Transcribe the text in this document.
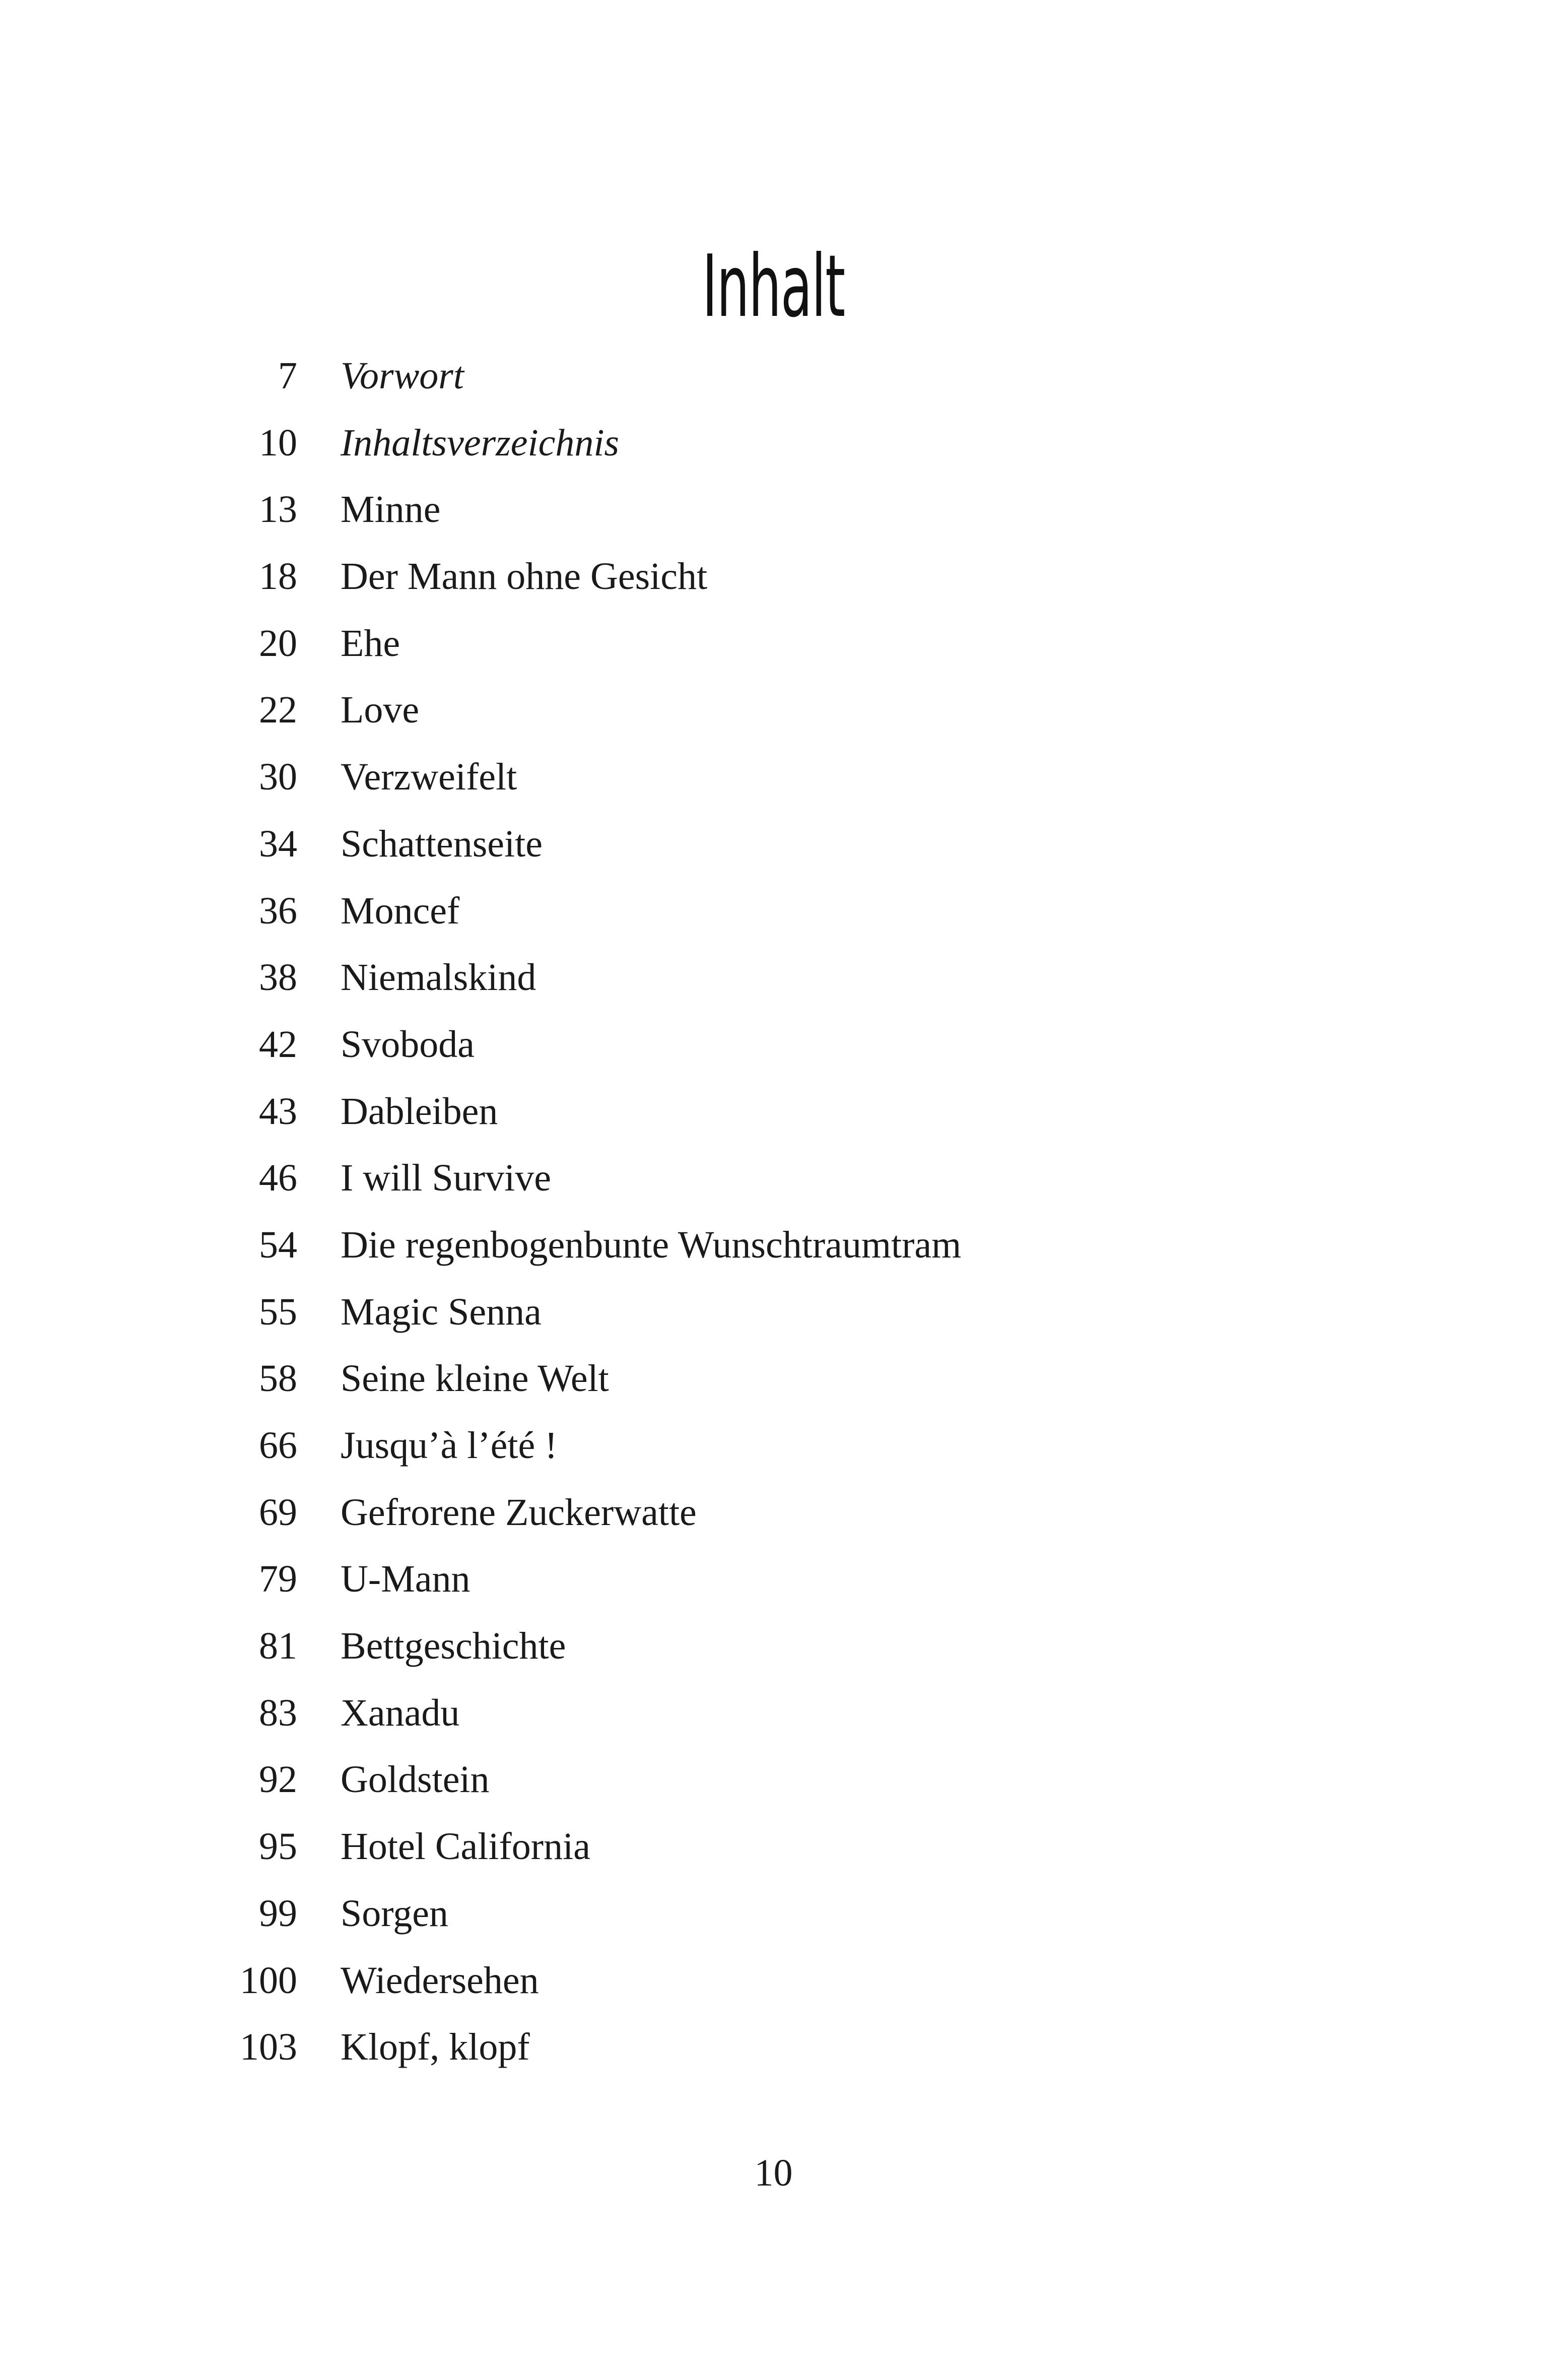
Inhalt
7 Vorwort
10 Inhaltsverzeichnis
13 Minne
18 Der Mann ohne Gesicht
20 Ehe
22 Love
30 Verzweifelt
34 Schattenseite
36 Moncef
38 Niemalskind
42 Svoboda
43 Dableiben
46 I will Survive
54 Die regenbogenbunte Wunschtraumtram
55 Magic Senna
58 Seine kleine Welt
66 Jusqu’à l’été !
69 Gefrorene Zuckerwatte
79 U-Mann
81 Bettgeschichte
83 Xanadu
92 Goldstein
95 Hotel California
99 Sorgen
100 Wiedersehen
103 Klopf, klopf
10
